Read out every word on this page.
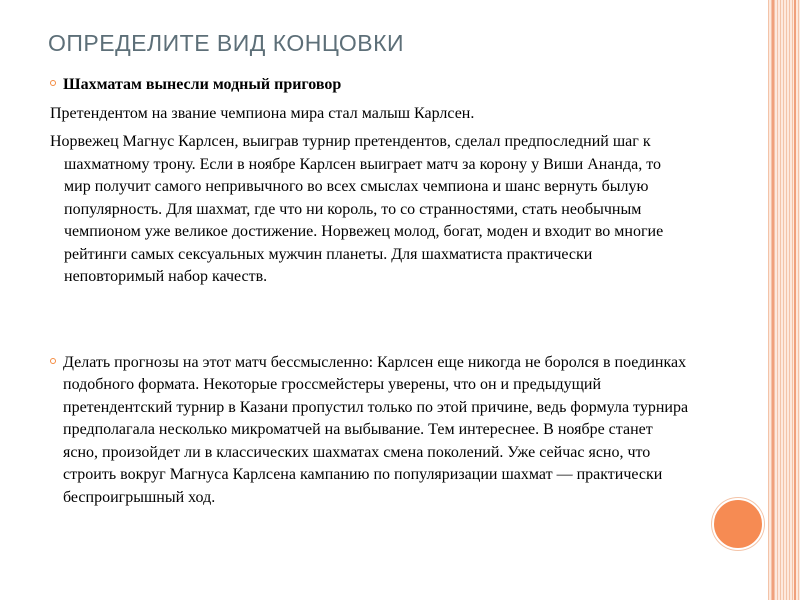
ОПРЕДЕЛИТЕ ВИД КОНЦОВКИ

Шахматам вынесли модный приговор

Претендентом на звание чемпиона мира стал малыш Карлсен.

Норвежец Магнус Карлсен, выиграв турнир претендентов, сделал предпоследний шаг к шахматному трону. Если в ноябре Карлсен выиграет матч за корону у Виши Ананда, то мир получит самого непривычного во всех смыслах чемпиона и шанс вернуть былую популярность. Для шахмат, где что ни король, то со странностями, стать необычным чемпионом уже великое достижение. Норвежец молод, богат, моден и входит во многие рейтинги самых сексуальных мужчин планеты. Для шахматиста практически неповторимый набор качеств.

Делать прогнозы на этот матч бессмысленно: Карлсен еще никогда не боролся в поединках подобного формата. Некоторые гроссмейстеры уверены, что он и предыдущий претендентский турнир в Казани пропустил только по этой причине, ведь формула турнира предполагала несколько микроматчей на выбывание. Тем интереснее. В ноябре станет ясно, произойдет ли в классических шахматах смена поколений. Уже сейчас ясно, что строить вокруг Магнуса Карлсена кампанию по популяризации шахмат — практически беспроигрышный ход.
